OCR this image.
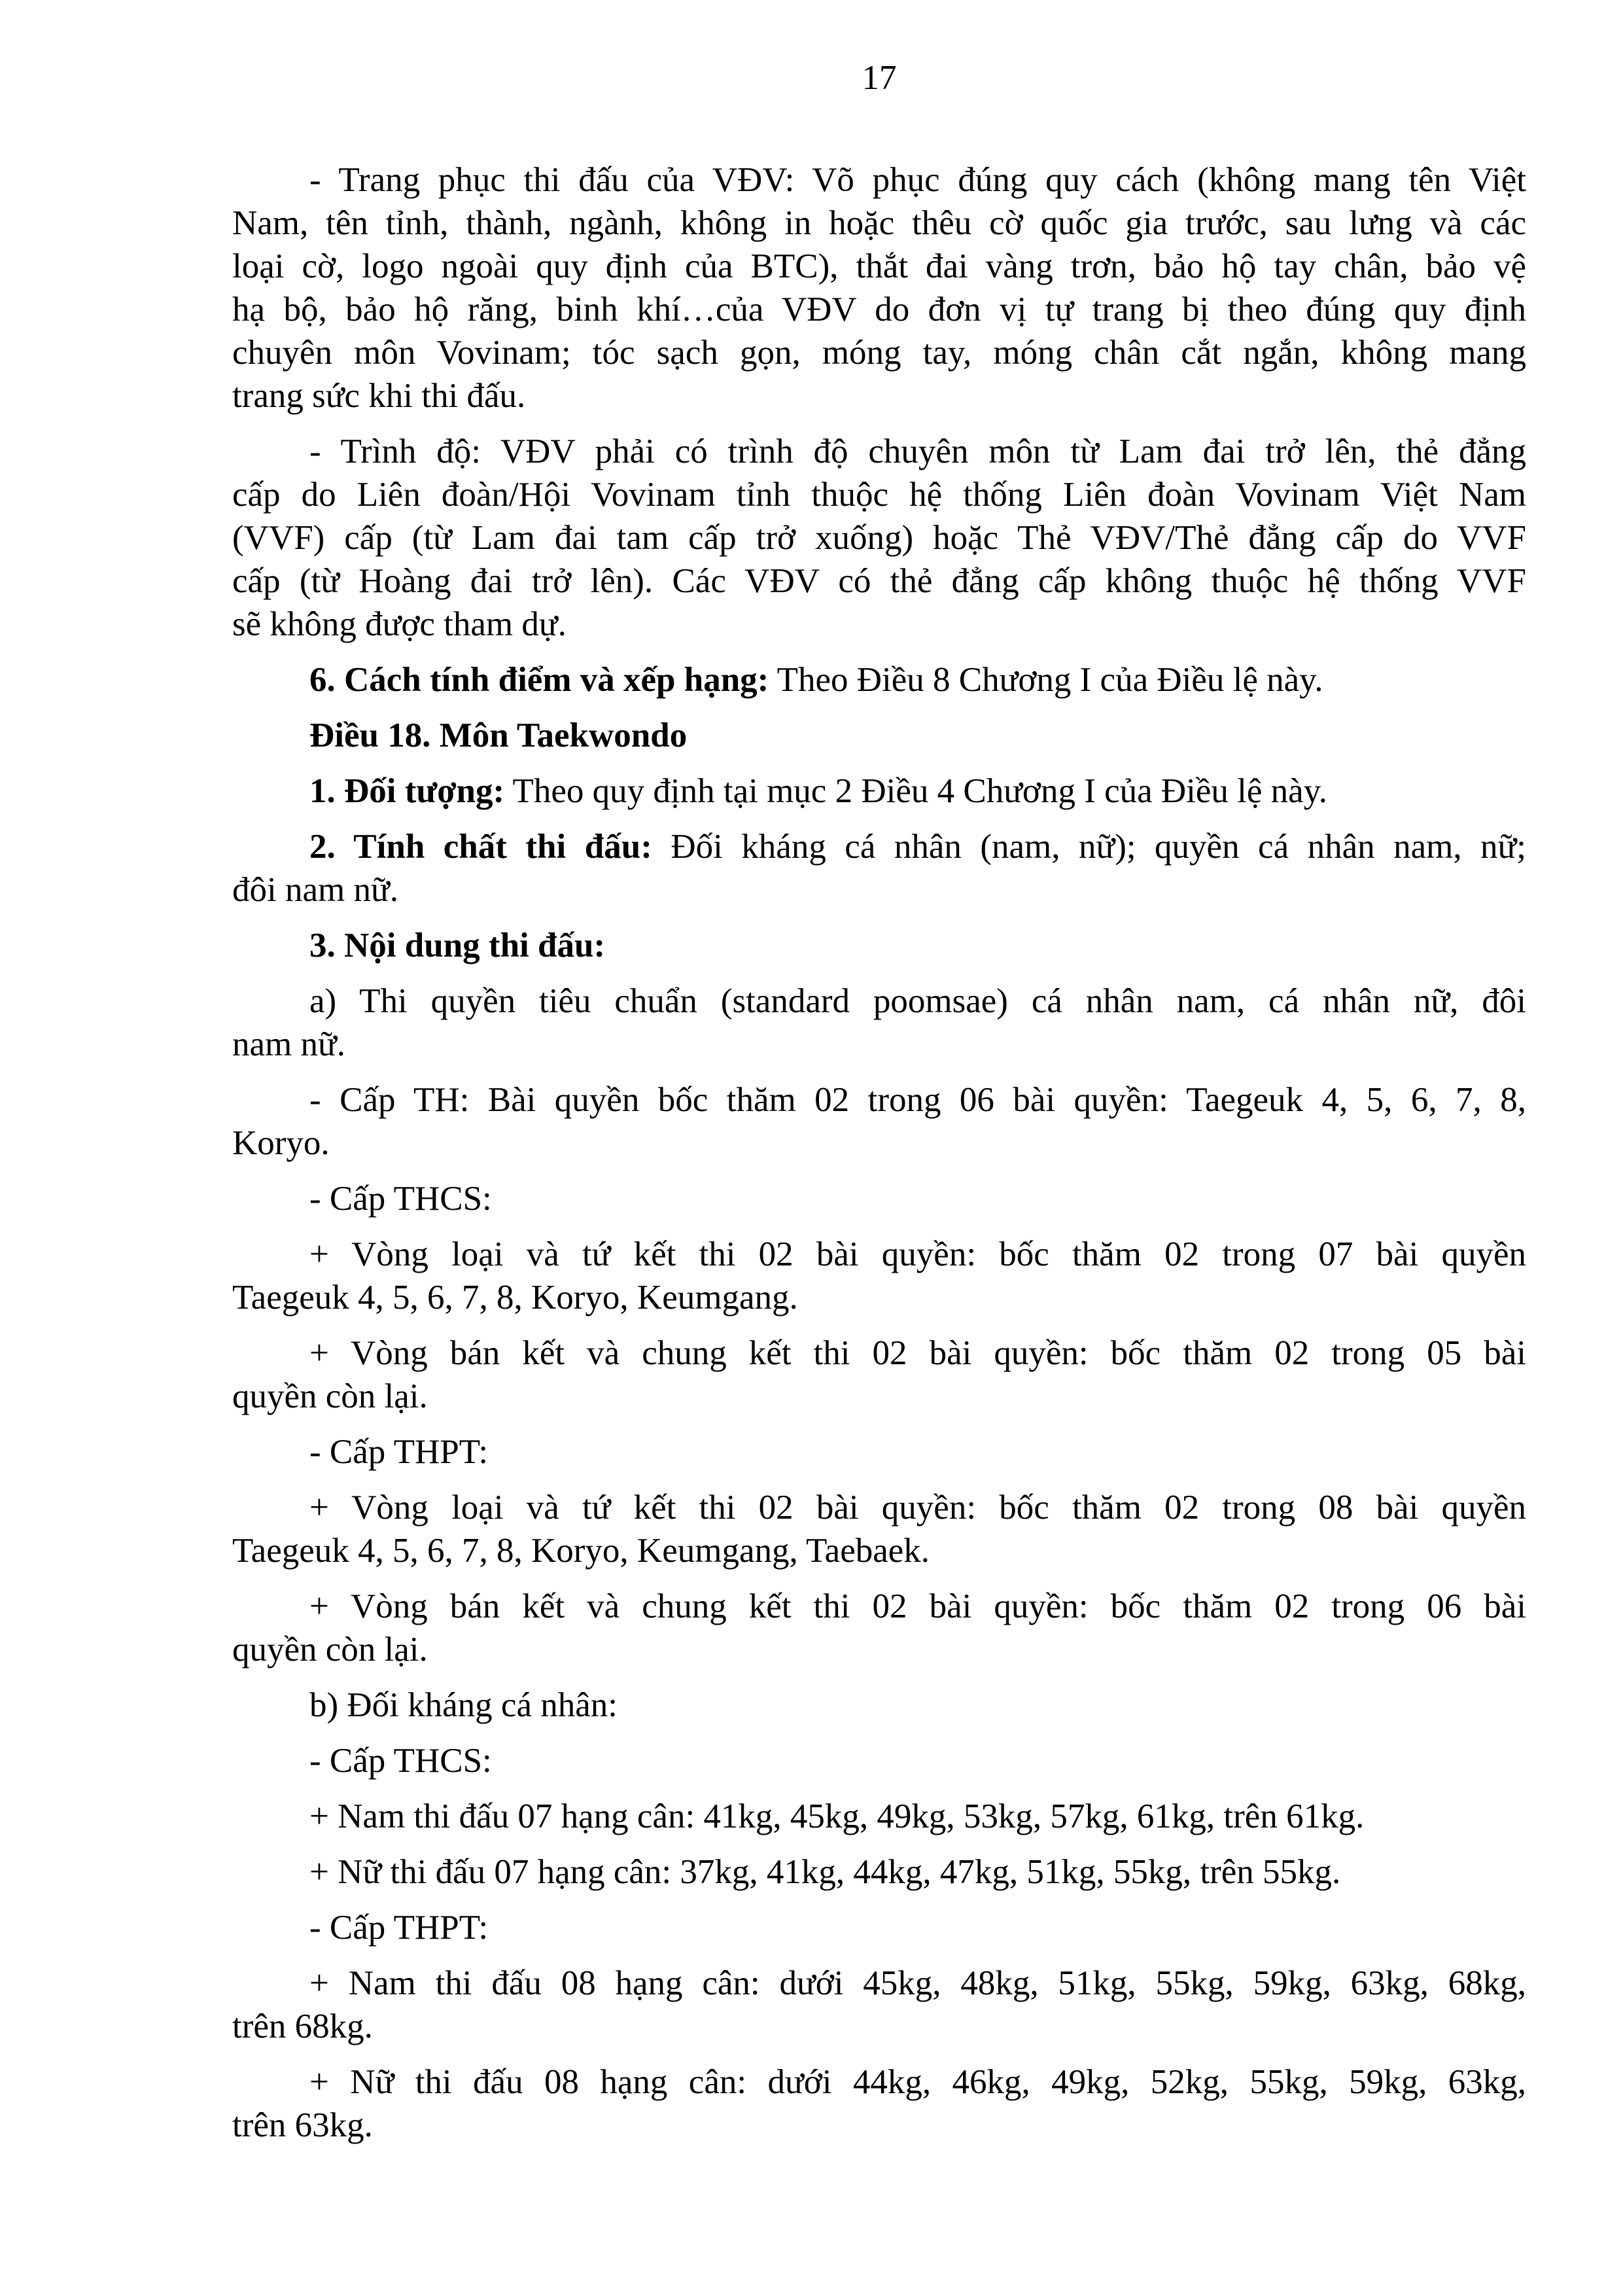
17
- Trang phục thi đấu của VĐV: Võ phục đúng quy cách (không mang tên Việt
Nam, tên tỉnh, thành, ngành, không in hoặc thêu cờ quốc gia trước, sau lưng và các
loại cờ, logo ngoài quy định của BTC), thắt đai vàng trơn, bảo hộ tay chân, bảo vệ
hạ bộ, bảo hộ răng, binh khí…của VĐV do đơn vị tự trang bị theo đúng quy định
chuyên môn Vovinam; tóc sạch gọn, móng tay, móng chân cắt ngắn, không mang
trang sức khi thi đấu.
- Trình độ: VĐV phải có trình độ chuyên môn từ Lam đai trở lên, thẻ đẳng
cấp do Liên đoàn/Hội Vovinam tỉnh thuộc hệ thống Liên đoàn Vovinam Việt Nam
(VVF) cấp (từ Lam đai tam cấp trở xuống) hoặc Thẻ VĐV/Thẻ đẳng cấp do VVF
cấp (từ Hoàng đai trở lên). Các VĐV có thẻ đẳng cấp không thuộc hệ thống VVF
sẽ không được tham dự.
6. Cách tính điểm và xếp hạng: Theo Điều 8 Chương I của Điều lệ này.
Điều 18. Môn Taekwondo
1. Đối tượng: Theo quy định tại mục 2 Điều 4 Chương I của Điều lệ này.
2. Tính chất thi đấu: Đối kháng cá nhân (nam, nữ); quyền cá nhân nam, nữ;
đôi nam nữ.
3. Nội dung thi đấu:
a) Thi quyền tiêu chuẩn (standard poomsae) cá nhân nam, cá nhân nữ, đôi
nam nữ.
- Cấp TH: Bài quyền bốc thăm 02 trong 06 bài quyền: Taegeuk 4, 5, 6, 7, 8,
Koryo.
- Cấp THCS:
+ Vòng loại và tứ kết thi 02 bài quyền: bốc thăm 02 trong 07 bài quyền
Taegeuk 4, 5, 6, 7, 8, Koryo, Keumgang.
+ Vòng bán kết và chung kết thi 02 bài quyền: bốc thăm 02 trong 05 bài
quyền còn lại.
- Cấp THPT:
+ Vòng loại và tứ kết thi 02 bài quyền: bốc thăm 02 trong 08 bài quyền
Taegeuk 4, 5, 6, 7, 8, Koryo, Keumgang, Taebaek.
+ Vòng bán kết và chung kết thi 02 bài quyền: bốc thăm 02 trong 06 bài
quyền còn lại.
b) Đối kháng cá nhân:
- Cấp THCS:
+ Nam thi đấu 07 hạng cân: 41kg, 45kg, 49kg, 53kg, 57kg, 61kg, trên 61kg.
+ Nữ thi đấu 07 hạng cân: 37kg, 41kg, 44kg, 47kg, 51kg, 55kg, trên 55kg.
- Cấp THPT:
+ Nam thi đấu 08 hạng cân: dưới 45kg, 48kg, 51kg, 55kg, 59kg, 63kg, 68kg,
trên 68kg.
+ Nữ thi đấu 08 hạng cân: dưới 44kg, 46kg, 49kg, 52kg, 55kg, 59kg, 63kg,
trên 63kg.
